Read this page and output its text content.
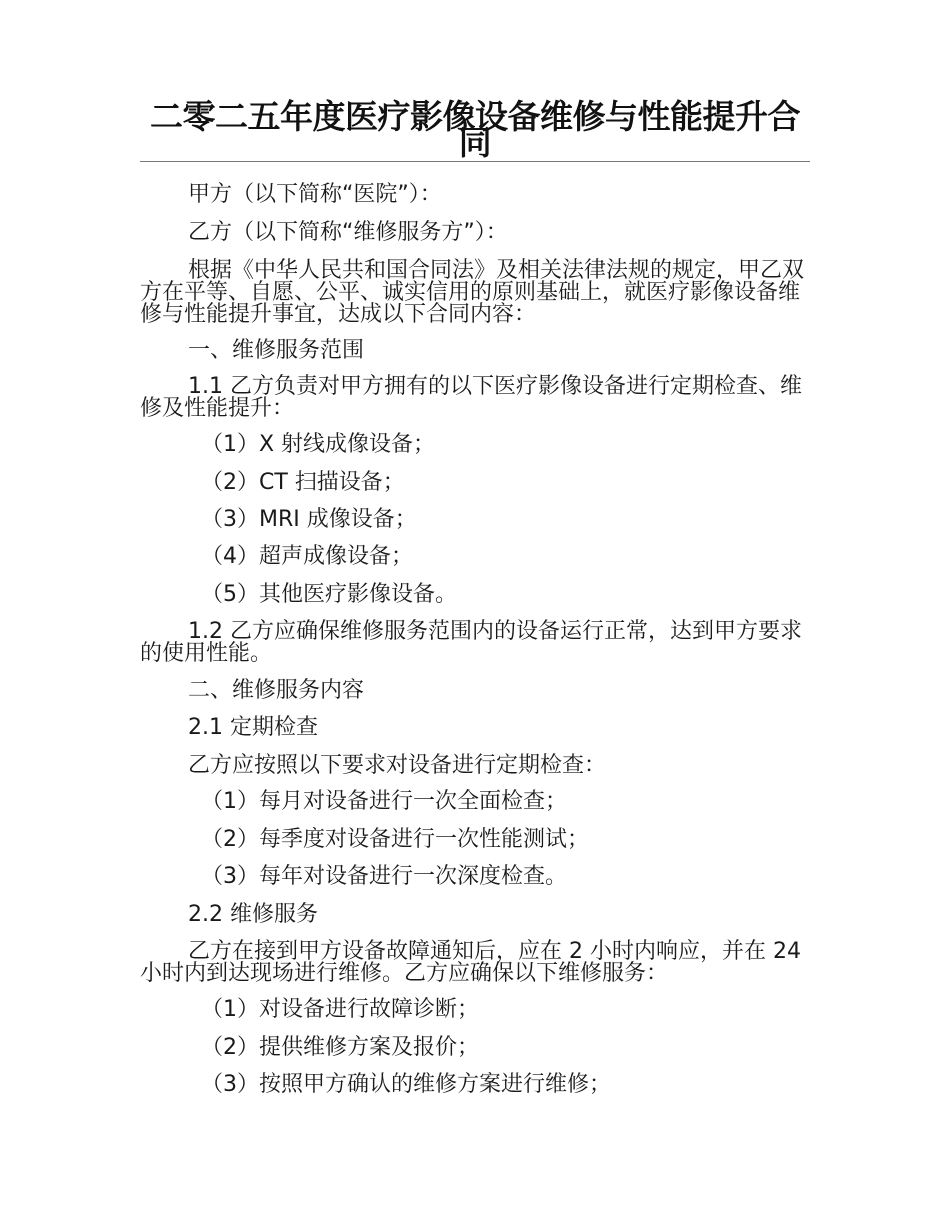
二零二五年度医疗影像设备维修与性能提升合同

甲方（以下简称“医院”）：

乙方（以下简称“维修服务方”）：

根据《中华人民共和国合同法》及相关法律法规的规定，甲乙双方在平等、自愿、公平、诚实信用的原则基础上，就医疗影像设备维修与性能提升事宜，达成以下合同内容：

一、维修服务范围

1.1 乙方负责对甲方拥有的以下医疗影像设备进行定期检查、维修及性能提升：

（1）X 射线成像设备；

（2）CT 扫描设备；

（3）MRI 成像设备；

（4）超声成像设备；

（5）其他医疗影像设备。

1.2 乙方应确保维修服务范围内的设备运行正常，达到甲方要求的使用性能。

二、维修服务内容

2.1 定期检查

乙方应按照以下要求对设备进行定期检查：

（1）每月对设备进行一次全面检查；

（2）每季度对设备进行一次性能测试；

（3）每年对设备进行一次深度检查。

2.2 维修服务

乙方在接到甲方设备故障通知后，应在 2 小时内响应，并在 24 小时内到达现场进行维修。乙方应确保以下维修服务：

（1）对设备进行故障诊断；

（2）提供维修方案及报价；

（3）按照甲方确认的维修方案进行维修；
